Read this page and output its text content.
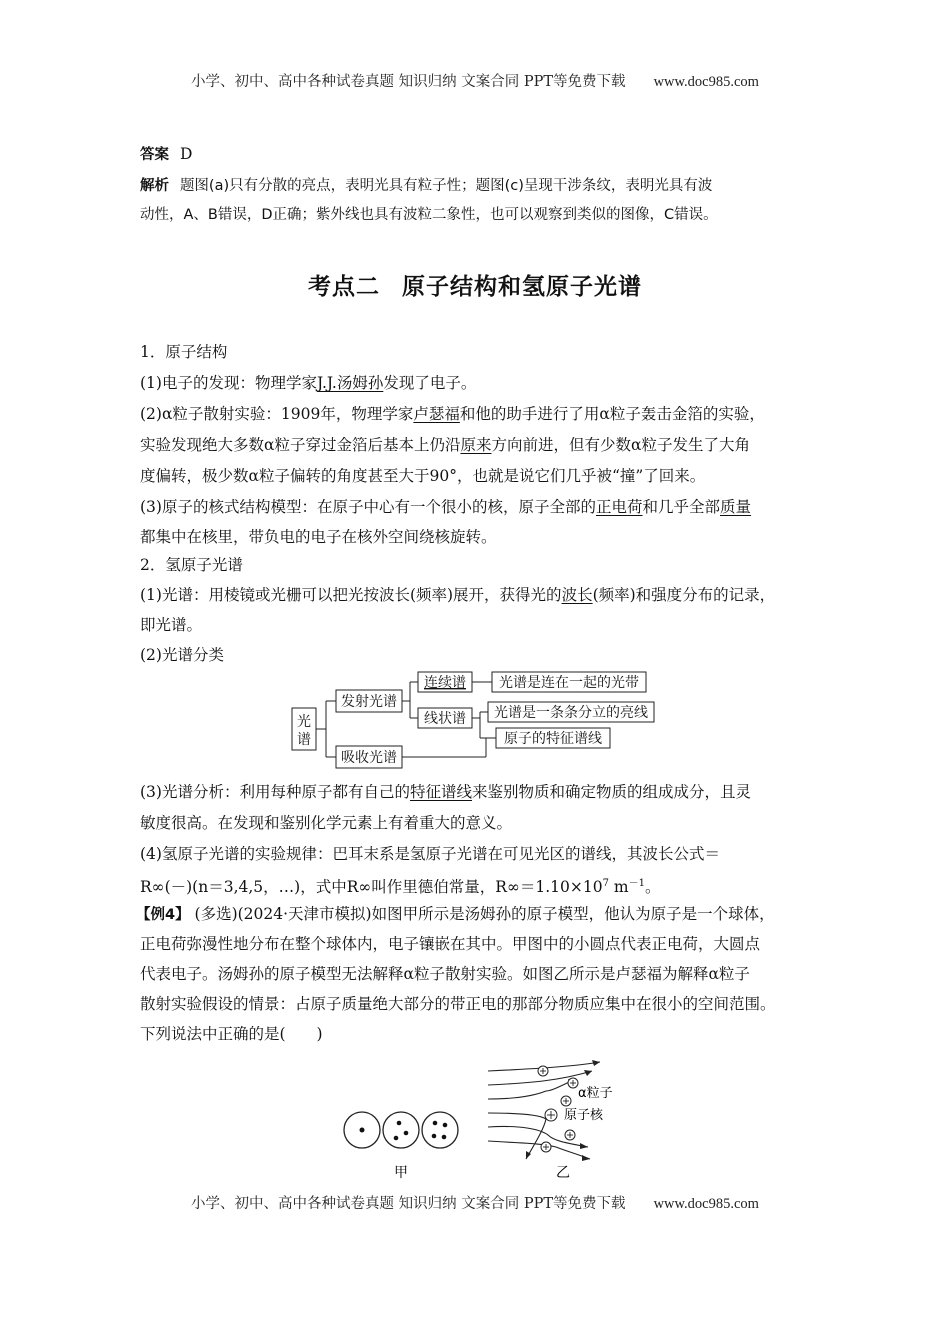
小学、初中、高中各种试卷真题 知识归纳 文案合同 PPT等免费下载 www.doc985.com
答案 D
解析 题图(a)只有分散的亮点，表明光具有粒子性；题图(c)呈现干涉条纹，表明光具有波
动性，A、B错误，D正确；紫外线也具有波粒二象性，也可以观察到类似的图像，C错误。
考点二 原子结构和氢原子光谱
1．原子结构
(1)电子的发现：物理学家J.J.汤姆孙发现了电子。
(2)α粒子散射实验：1909年，物理学家卢瑟福和他的助手进行了用α粒子轰击金箔的实验，
实验发现绝大多数α粒子穿过金箔后基本上仍沿原来方向前进，但有少数α粒子发生了大角
度偏转，极少数α粒子偏转的角度甚至大于90°，也就是说它们几乎被“撞”了回来。
(3)原子的核式结构模型：在原子中心有一个很小的核，原子全部的正电荷和几乎全部质量
都集中在核里，带负电的电子在核外空间绕核旋转。
2．氢原子光谱
(1)光谱：用棱镜或光栅可以把光按波长(频率)展开，获得光的波长(频率)和强度分布的记录，
即光谱。
(2)光谱分类
光
谱
发射光谱
吸收光谱
连续谱
线状谱
光谱是连在一起的光带
光谱是一条条分立的亮线
原子的特征谱线
(3)光谱分析：利用每种原子都有自己的特征谱线来鉴别物质和确定物质的组成成分，且灵
敏度很高。在发现和鉴别化学元素上有着重大的意义。
(4)氢原子光谱的实验规律：巴耳末系是氢原子光谱在可见光区的谱线，其波长公式＝
R∞(－)(n＝3,4,5，…)，式中R∞叫作里德伯常量，$R\infty=1.10\times 10^7$ $m^{-1}$。
【例4】 (多选)(2024·天津市模拟)如图甲所示是汤姆孙的原子模型，他认为原子是一个球体，
正电荷弥漫性地分布在整个球体内，电子镶嵌在其中。甲图中的小圆点代表正电荷，大圆点
代表电子。汤姆孙的原子模型无法解释α粒子散射实验。如图乙所示是卢瑟福为解释α粒子
散射实验假设的情景：占原子质量绝大部分的带正电的那部分物质应集中在很小的空间范围。
下列说法中正确的是(　　)
甲
α粒子
原子核
乙
小学、初中、高中各种试卷真题 知识归纳 文案合同 PPT等免费下载 www.doc985.com
